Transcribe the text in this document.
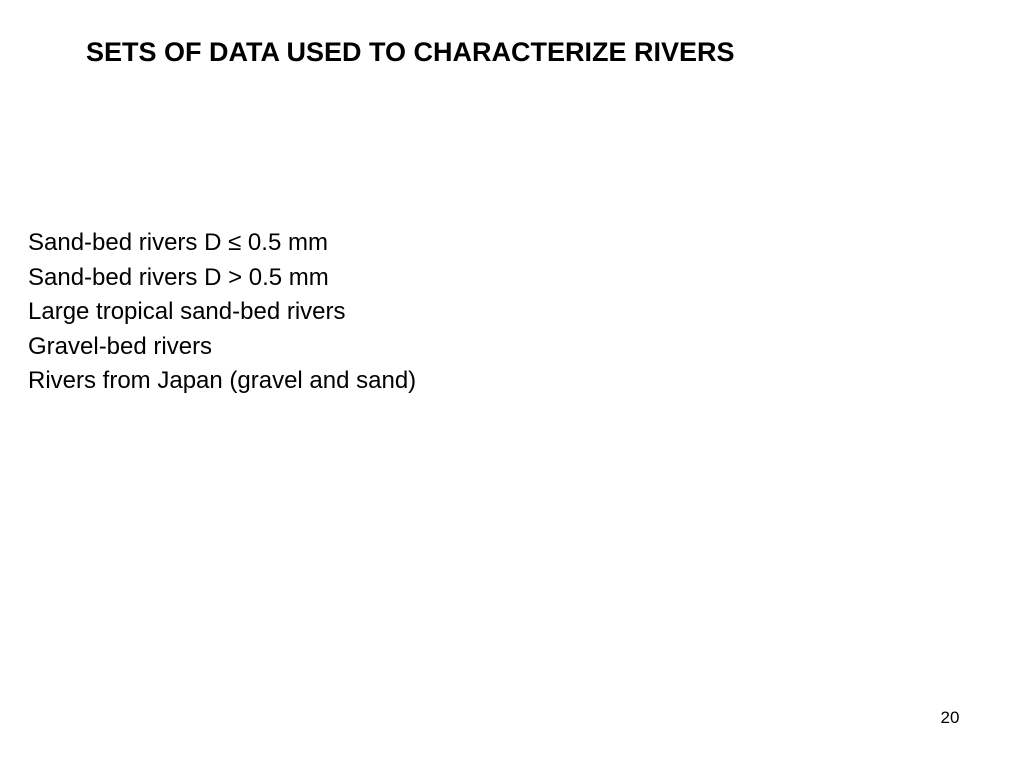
SETS OF DATA USED TO CHARACTERIZE RIVERS
Sand-bed rivers D ≤ 0.5 mm
Sand-bed rivers D > 0.5 mm
Large tropical sand-bed rivers
Gravel-bed rivers
Rivers from Japan (gravel and sand)
20
